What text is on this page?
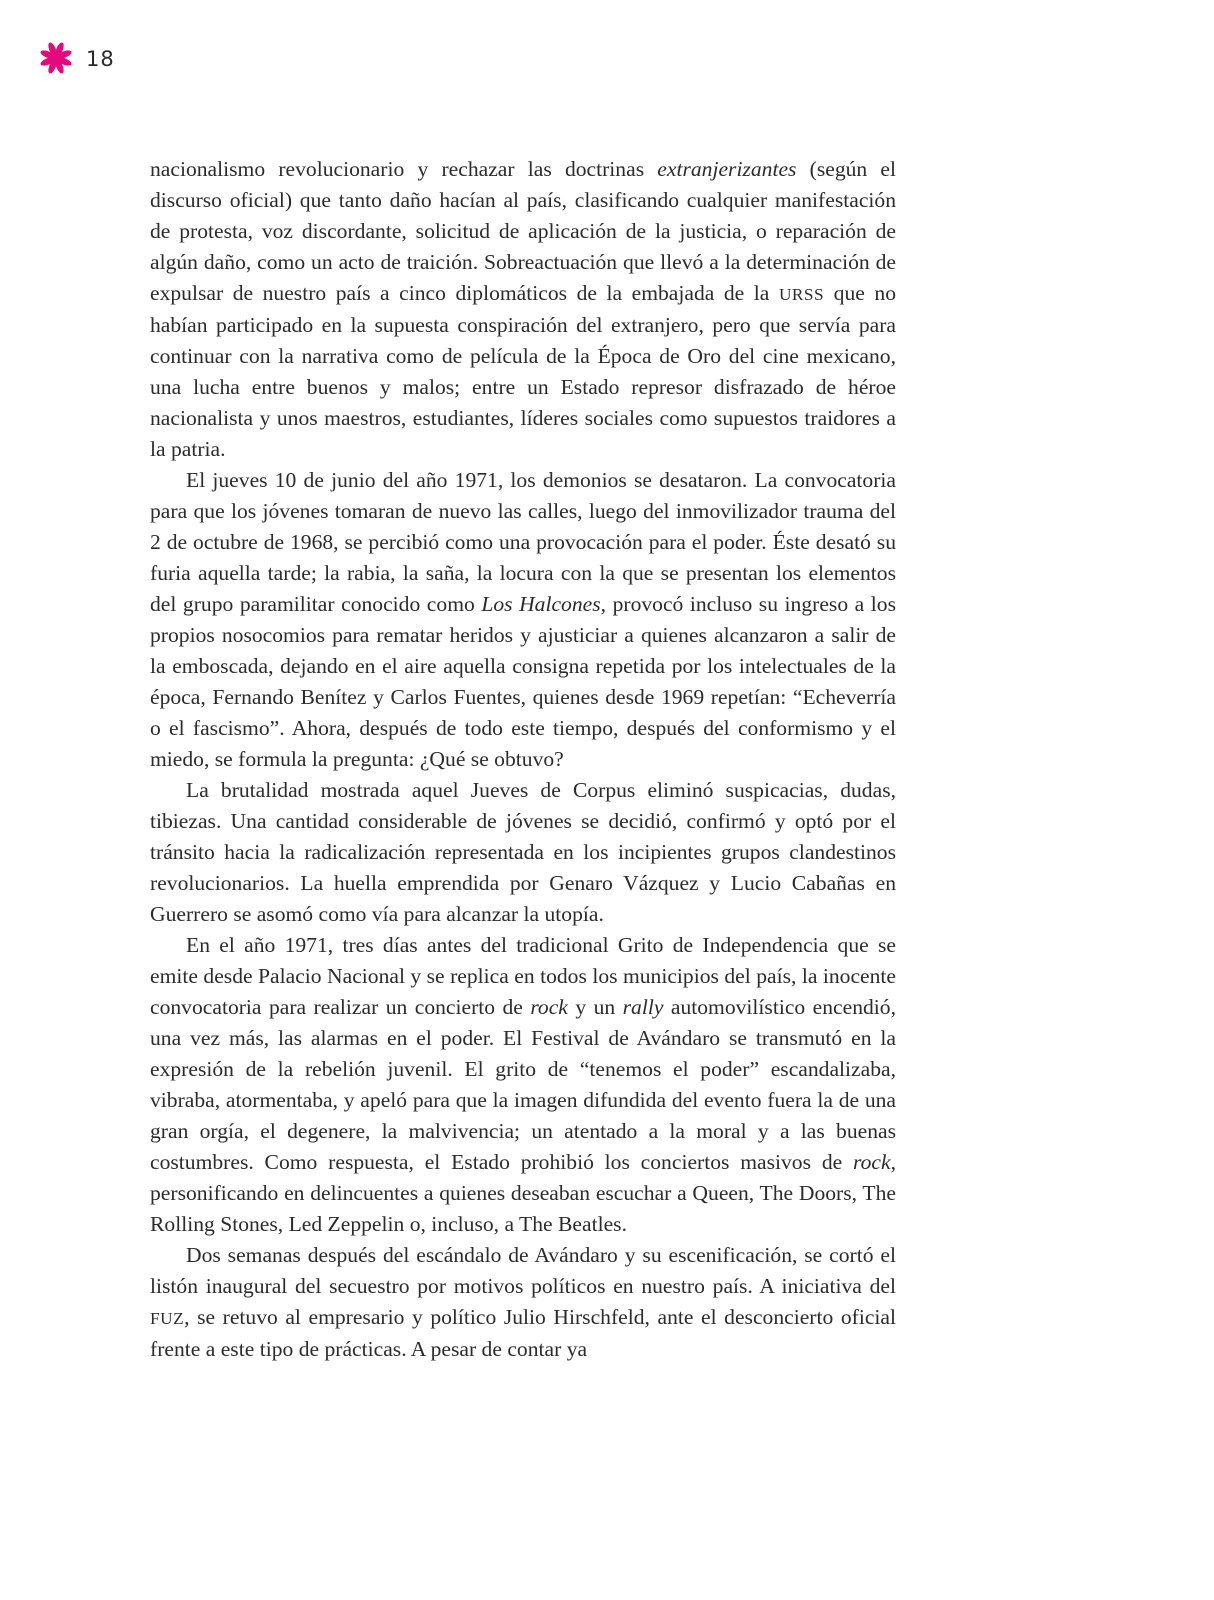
18

nacionalismo revolucionario y rechazar las doctrinas extranjerizantes (según el discurso oficial) que tanto daño hacían al país, clasificando cualquier manifestación de protesta, voz discordante, solicitud de aplicación de la justicia, o reparación de algún daño, como un acto de traición. Sobreactuación que llevó a la determinación de expulsar de nuestro país a cinco diplomáticos de la embajada de la URSS que no habían participado en la supuesta conspiración del extranjero, pero que servía para continuar con la narrativa como de película de la Época de Oro del cine mexicano, una lucha entre buenos y malos; entre un Estado represor disfrazado de héroe nacionalista y unos maestros, estudiantes, líderes sociales como supuestos traidores a la patria.

El jueves 10 de junio del año 1971, los demonios se desataron. La convocatoria para que los jóvenes tomaran de nuevo las calles, luego del inmovilizador trauma del 2 de octubre de 1968, se percibió como una provocación para el poder. Éste desató su furia aquella tarde; la rabia, la saña, la locura con la que se presentan los elementos del grupo paramilitar conocido como Los Halcones, provocó incluso su ingreso a los propios nosocomios para rematar heridos y ajusticiar a quienes alcanzaron a salir de la emboscada, dejando en el aire aquella consigna repetida por los intelectuales de la época, Fernando Benítez y Carlos Fuentes, quienes desde 1969 repetían: “Echeverría o el fascismo”. Ahora, después de todo este tiempo, después del conformismo y el miedo, se formula la pregunta: ¿Qué se obtuvo?

La brutalidad mostrada aquel Jueves de Corpus eliminó suspicacias, dudas, tibiezas. Una cantidad considerable de jóvenes se decidió, confirmó y optó por el tránsito hacia la radicalización representada en los incipientes grupos clandestinos revolucionarios. La huella emprendida por Genaro Vázquez y Lucio Cabañas en Guerrero se asomó como vía para alcanzar la utopía.

En el año 1971, tres días antes del tradicional Grito de Independencia que se emite desde Palacio Nacional y se replica en todos los municipios del país, la inocente convocatoria para realizar un concierto de rock y un rally automovilístico encendió, una vez más, las alarmas en el poder. El Festival de Avándaro se transmutó en la expresión de la rebelión juvenil. El grito de “tenemos el poder” escandalizaba, vibraba, atormentaba, y apeló para que la imagen difundida del evento fuera la de una gran orgía, el degenere, la malvivencia; un atentado a la moral y a las buenas costumbres. Como respuesta, el Estado prohibió los conciertos masivos de rock, personificando en delincuentes a quienes deseaban escuchar a Queen, The Doors, The Rolling Stones, Led Zeppelin o, incluso, a The Beatles.

Dos semanas después del escándalo de Avándaro y su escenificación, se cortó el listón inaugural del secuestro por motivos políticos en nuestro país. A iniciativa del FUZ, se retuvo al empresario y político Julio Hirschfeld, ante el desconcierto oficial frente a este tipo de prácticas. A pesar de contar ya
